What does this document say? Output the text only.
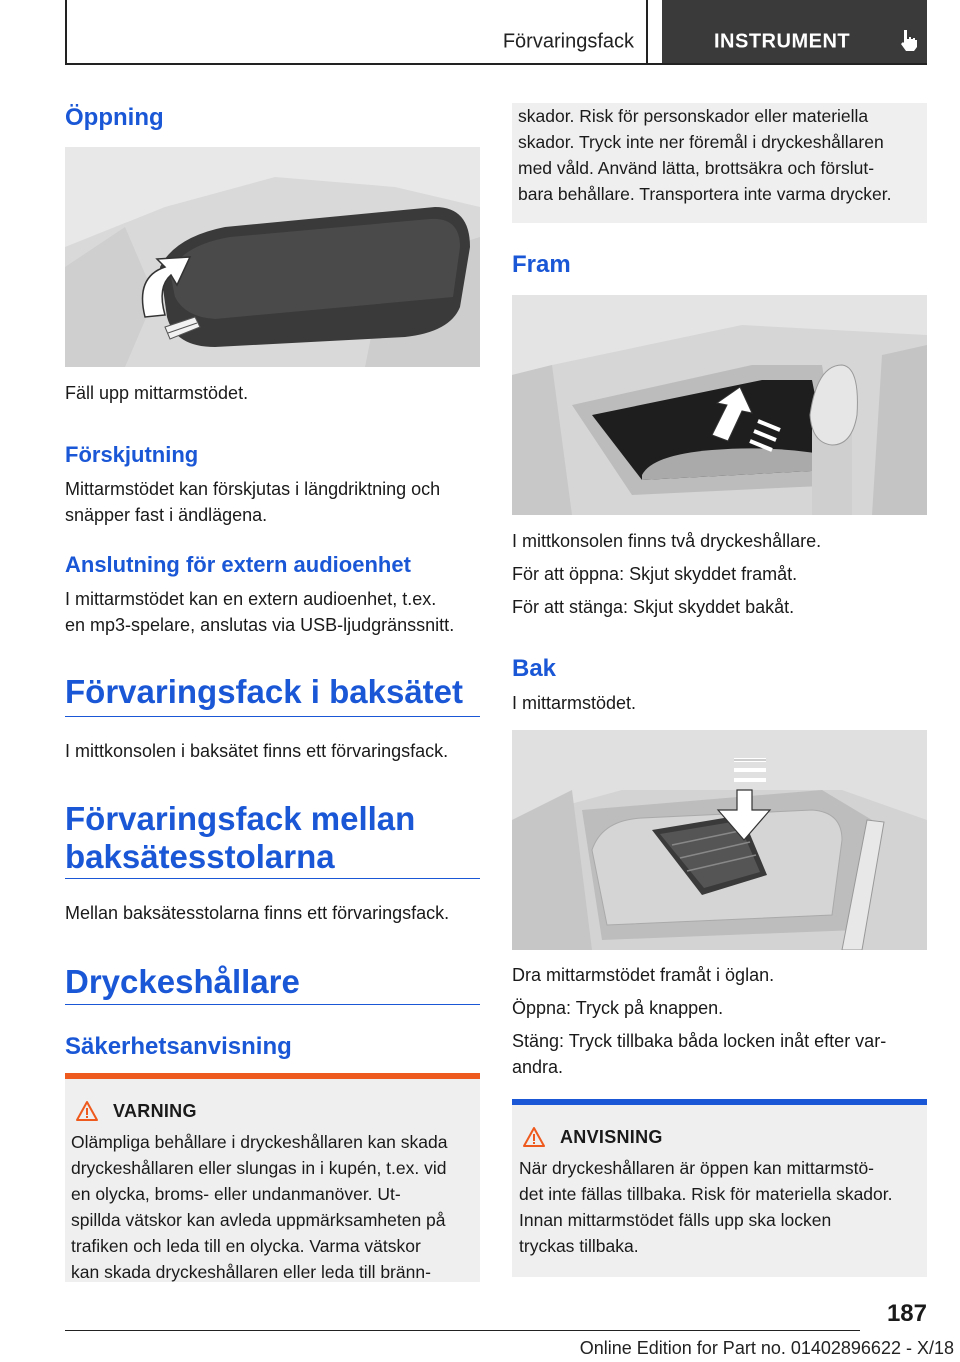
Förvaringsfack	INSTRUMENT
Öppning
Fäll upp mittarmstödet.
Förskjutning
Mittarmstödet kan förskjutas i längdriktning och
snäpper fast i ändlägena.
Anslutning för extern audioenhet
I mittarmstödet kan en extern audioenhet, t.ex.
en mp3-spelare, anslutas via USB-ljudgränssnitt.
Förvaringsfack i baksätet
I mittkonsolen i baksätet finns ett förvaringsfack.
Förvaringsfack mellan
baksätesstolarna
Mellan baksätesstolarna finns ett förvaringsfack.
Dryckeshållare
Säkerhetsanvisning
VARNING
Olämpliga behållare i dryckeshållaren kan skada
dryckeshållaren eller slungas in i kupén, t.ex. vid
en olycka, broms- eller undanmanöver. Ut-
spillda vätskor kan avleda uppmärksamheten på
trafiken och leda till en olycka. Varma vätskor
kan skada dryckeshållaren eller leda till bränn-
skador. Risk för personskador eller materiella
skador. Tryck inte ner föremål i dryckeshållaren
med våld. Använd lätta, brottsäkra och förslut-
bara behållare. Transportera inte varma drycker.
Fram
I mittkonsolen finns två dryckeshållare.
För att öppna: Skjut skyddet framåt.
För att stänga: Skjut skyddet bakåt.
Bak
I mittarmstödet.
Dra mittarmstödet framåt i öglan.
Öppna: Tryck på knappen.
Stäng: Tryck tillbaka båda locken inåt efter var-
andra.
ANVISNING
När dryckeshållaren är öppen kan mittarmstö-
det inte fällas tillbaka. Risk för materiella skador.
Innan mittarmstödet fälls upp ska locken
tryckas tillbaka.
187
Online Edition for Part no. 01402896622 - X/18
